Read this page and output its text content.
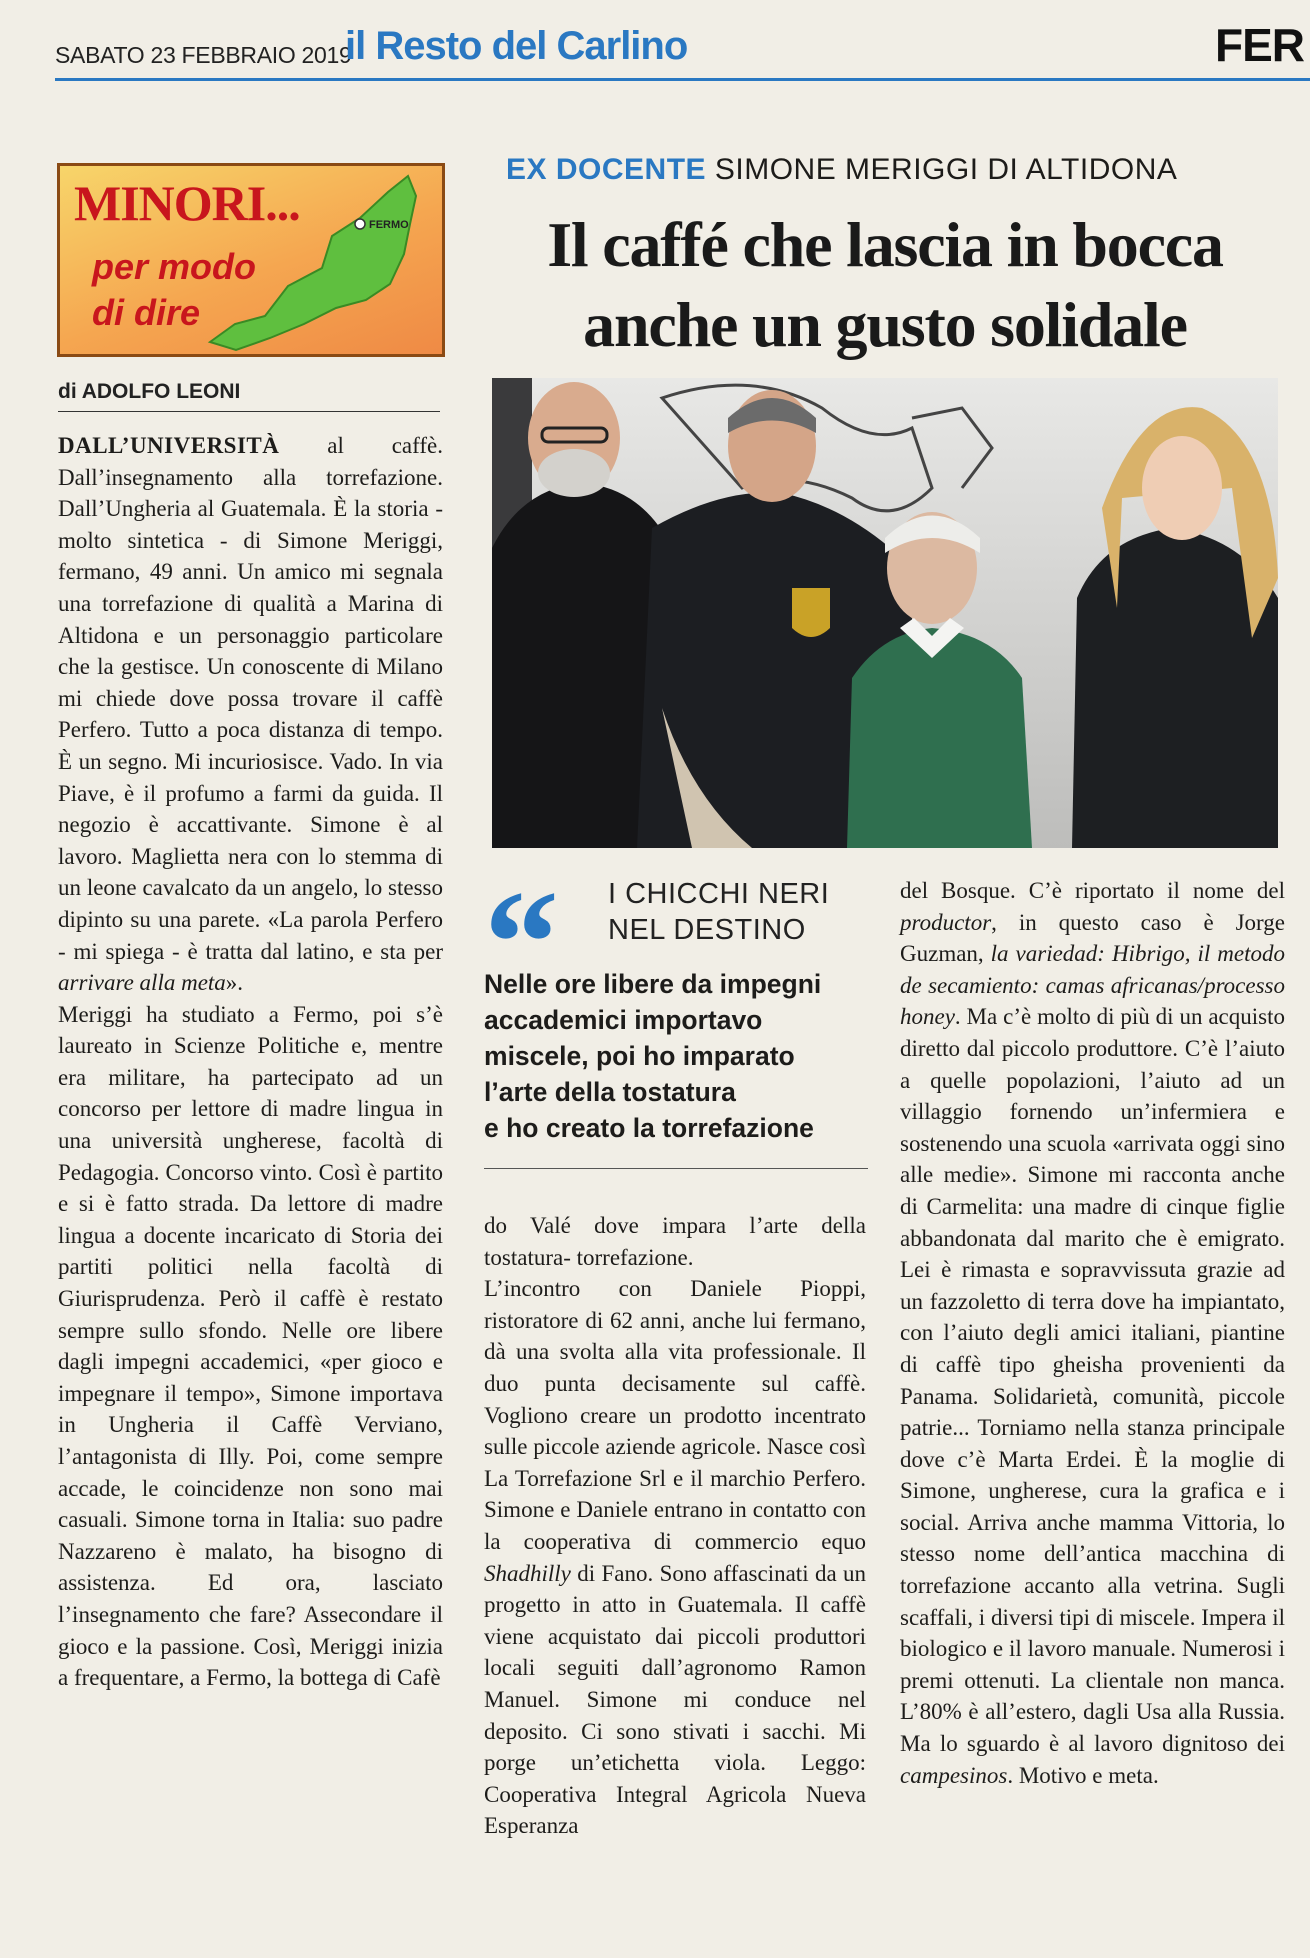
SABATO 23 FEBBRAIO 2019
il Resto del Carlino	FER
FERMO
MINORI...
per modo
di dire
di ADOLFO LEONI
EX DOCENTE SIMONE MERIGGI DI ALTIDONA
Il caffé che lascia in bocca
anche un gusto solidale
“ I CHICCHI NERI
NEL DESTINO
Nelle ore libere da impegni
accademici importavo
miscele, poi ho imparato
l’arte della tostatura
e ho creato la torrefazione

DALL’UNIVERSITÀ al caffè. Dall’insegnamento alla torrefazione. Dall’Ungheria al Guatemala. È la storia - molto sintetica - di Simone Meriggi, fermano, 49 anni. Un amico mi segnala una torrefazione di qualità a Marina di Altidona e un personaggio particolare che la gestisce. Un conoscente di Milano mi chiede dove possa trovare il caffè Perfero. Tutto a poca distanza di tempo. È un segno. Mi incuriosisce. Vado. In via Piave, è il profumo a farmi da guida. Il negozio è accattivante. Simone è al lavoro. Maglietta nera con lo stemma di un leone cavalcato da un angelo, lo stesso dipinto su una parete. «La parola Perfero - mi spiega - è tratta dal latino, e sta per arrivare alla meta».

Meriggi ha studiato a Fermo, poi s’è laureato in Scienze Politiche e, mentre era militare, ha partecipato ad un concorso per lettore di madre lingua in una università ungherese, facoltà di Pedagogia. Concorso vinto. Così è partito e si è fatto strada. Da lettore di madre lingua a docente incaricato di Storia dei partiti politici nella facoltà di Giurisprudenza. Però il caffè è restato sempre sullo sfondo. Nelle ore libere dagli impegni accademici, «per gioco e impegnare il tempo», Simone importava in Ungheria il Caffè Verviano, l’antagonista di Illy. Poi, come sempre accade, le coincidenze non sono mai casuali. Simone torna in Italia: suo padre Nazzareno è malato, ha bisogno di assistenza. Ed ora, lasciato l’insegnamento che fare? Assecondare il gioco e la passione. Così, Meriggi inizia a frequentare, a Fermo, la bottega di Cafè

do Valé dove impara l’arte della tostatura- torrefazione.

L’incontro con Daniele Pioppi, ristoratore di 62 anni, anche lui fermano, dà una svolta alla vita professionale. Il duo punta decisamente sul caffè. Vogliono creare un prodotto incentrato sulle piccole aziende agricole. Nasce così La Torrefazione Srl e il marchio Perfero. Simone e Daniele entrano in contatto con la cooperativa di commercio equo Shadhilly di Fano. Sono affascinati da un progetto in atto in Guatemala. Il caffè viene acquistato dai piccoli produttori locali seguiti dall’agronomo Ramon Manuel. Simone mi conduce nel deposito. Ci sono stivati i sacchi. Mi porge un’etichetta viola. Leggo: Cooperativa Integral Agricola Nueva Esperanza

del Bosque. C’è riportato il nome del productor, in questo caso è Jorge Guzman, la variedad: Hibrigo, il metodo de secamiento: camas africanas/processo honey. Ma c’è molto di più di un acquisto diretto dal piccolo produttore. C’è l’aiuto a quelle popolazioni, l’aiuto ad un villaggio fornendo un’infermiera e sostenendo una scuola «arrivata oggi sino alle medie». Simone mi racconta anche di Carmelita: una madre di cinque figlie abbandonata dal marito che è emigrato. Lei è rimasta e sopravvissuta grazie ad un fazzoletto di terra dove ha impiantato, con l’aiuto degli amici italiani, piantine di caffè tipo gheisha provenienti da Panama. Solidarietà, comunità, piccole patrie... Torniamo nella stanza principale dove c’è Marta Erdei. È la moglie di Simone, ungherese, cura la grafica e i social. Arriva anche mamma Vittoria, lo stesso nome dell’antica macchina di torrefazione accanto alla vetrina. Sugli scaffali, i diversi tipi di miscele. Impera il biologico e il lavoro manuale. Numerosi i premi ottenuti. La clientale non manca. L’80% è all’estero, dagli Usa alla Russia. Ma lo sguardo è al lavoro dignitoso dei campesinos. Motivo e meta.
